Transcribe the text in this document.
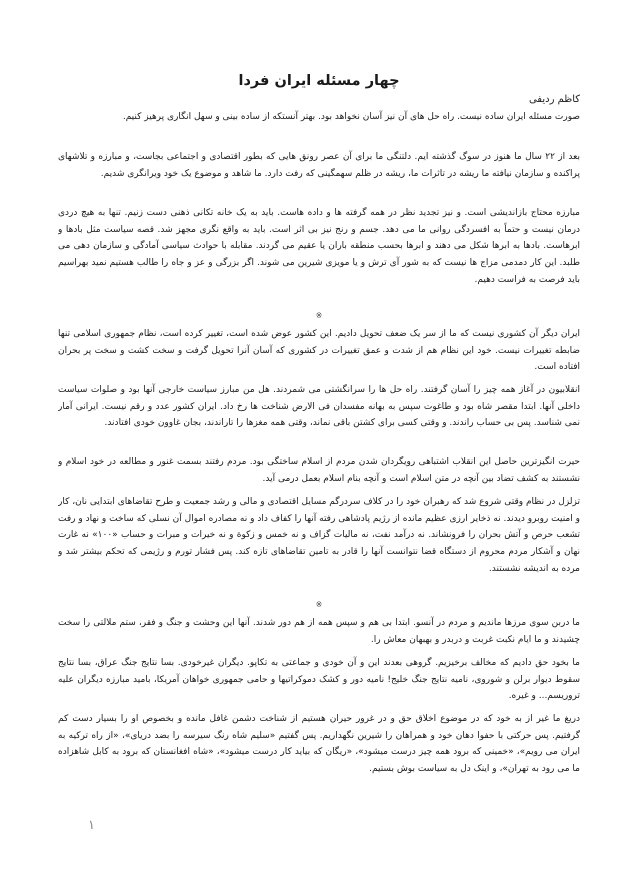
چهار مسئله ایران فردا
کاظم ردیفی

صورت مسئله ایران ساده نیست. راه حل های آن نیز آسان نخواهد بود. بهتر آنستکه از ساده بینی و سهل انگاری پرهیز کنیم.

بعد از ۲۲ سال ما هنوز در سوگ گذشته ایم. دلتنگی ما برای آن عصر رونق هایی که بطور اقتصادی و اجتماعی بجاست، و مبارزه و تلاشهای پراکنده و سازمان نیافته ما ریشه در تاثرات ما، ریشه در ظلم سهمگینی که رفت دارد. ما شاهد و موضوع یک خود ویرانگری شدیم.

مبارزه محتاج بازاندیشی است. و نیز تجدید نظر در همه گرفته ها و داده هاست. باید به یک خانه تکانی ذهنی دست زنیم. تنها به هیچ دردی درمان نیست و حتماً به افسردگی روانی ما می دهد. جسم و رنج نیز بی اثر است. باید به واقع نگری مجهز شد. قصه سیاست مثل بادها و ابرهاست. بادها به ابرها شکل می دهند و ابرها بحسب منطقه باران یا عقیم می گردند. مقابله با حوادث سیاسی آمادگی و سازمان دهی می طلبد. این کار دمدمی مزاج ها نیست که به شور آی ترش و یا مویزی شیرین می شوند. اگر بزرگی و عز و جاه را طالب هستیم نمید بهراسیم باید فرصت به فراست دهیم.

※

ایران دیگر آن کشوری نیست که ما از سر یک ضعف تحویل دادیم. این کشور عوض شده است، تغییر کرده است، نظام جمهوری اسلامی تنها ضابطه تغییرات نیست. خود این نظام هم از شدت و عمق تغییرات در کشوری که آسان آنرا تحویل گرفت و سخت کشت و سخت پر بحران افتاده است.

انقلابیون در آغاز همه چیز را آسان گرفتند. راه حل ها را سرانگشتی می شمردند. هل من مبارز سیاست خارجی آنها بود و صلوات سیاست داخلی آنها. ابتدا مقصر شاه بود و طاغوت سپس به بهانه مفسدان فی الارض شناخت ها رخ داد. ایران کشور عدد و رقم نیست. ایرانی آمار نمی شناسد. پس بی حساب راندند. و وقتی کسی برای کشتن باقی نماند، وقتی همه مغزها را تاراندند، بجان غاوون خودی افتادند.

حیرت انگیزترین حاصل این انقلاب اشتباهی رویگردان شدن مردم از اسلام ساختگی بود. مردم رفتند بسمت غنور و مطالعه در خود اسلام و نشستند به کشف تضاد بین آنچه در متن اسلام است و آنچه بنام اسلام بعمل درمی آید.

تزلزل در نظام وقتی شروع شد که رهبران خود را در کلاف سردرگم مسایل اقتصادی و مالی و رشد جمعیت و طرح تقاضاهای ابتدایی نان، کار و امنیت روبرو دیدند. نه ذخایر ارزی عظیم مانده از رژیم پادشاهی رفته آنها را کفاف داد و نه مصادره اموال آن نسلی که ساخت و نهاد و رفت تشعب حرص و آتش بحران را فرونشاند. نه درآمد نفت، نه مالیات گزاف و نه خمس و زکوة و نه خیرات و مبرات و حساب «۱۰۰» نه غارت نهان و آشکار مردم محروم از دستگاه قضا نتوانست آنها را قادر به تامین تقاضاهای تازه کند. پس فشار تورم و رژیمی که تحکم بیشتر شد و مرده به اندیشه نشستند.

※

ما دربن سوی مرزها ماندیم و مردم در آنسو. ابتدا بی هم و سپس همه از هم دور شدند. آنها این وحشت و جنگ و فقر، ستم ملالتی را سخت چشیدند و ما ایام نکبت غربت و دربدر و بهبهان معاش را.

ما بخود حق دادیم که مخالف برخیزیم. گروهی بعدند این و آن خودی و جماعتی به تکاپو. دیگران غیرخودی. بسا نتایج جنگ عراق، بسا نتایج سقوط دیوار برلن و شوروی، نامیه نتایج جنگ خلیج! نامیه دور و کشک دموکراتیها و حامی جمهوری خواهان آمریکا، بامید مبارزه دیگران علیه تروریسم... و غیره.

دریغ ما غیر از به خود که در موضوع اخلاق حق و در غرور حیران هستیم از شناخت دشمن غافل مانده و بخصوص او را بسیار دست کم گرفتیم. پس حرکتی با حفوا دهان خود و همراهان را شیرین نگهداریم. پس گفتیم «سلیم شاه رنگ سیرسه را بضد دریای»، «از راه ترکیه به ایران می رویم»، «خمینی که برود همه چیز درست میشود»، «ریگان که بیاید کار درست میشود»، «شاه افغانستان که برود به کابل شاهزاده ما می رود به تهران»، و اینک دل به سیاست بوش بستیم.

۱
